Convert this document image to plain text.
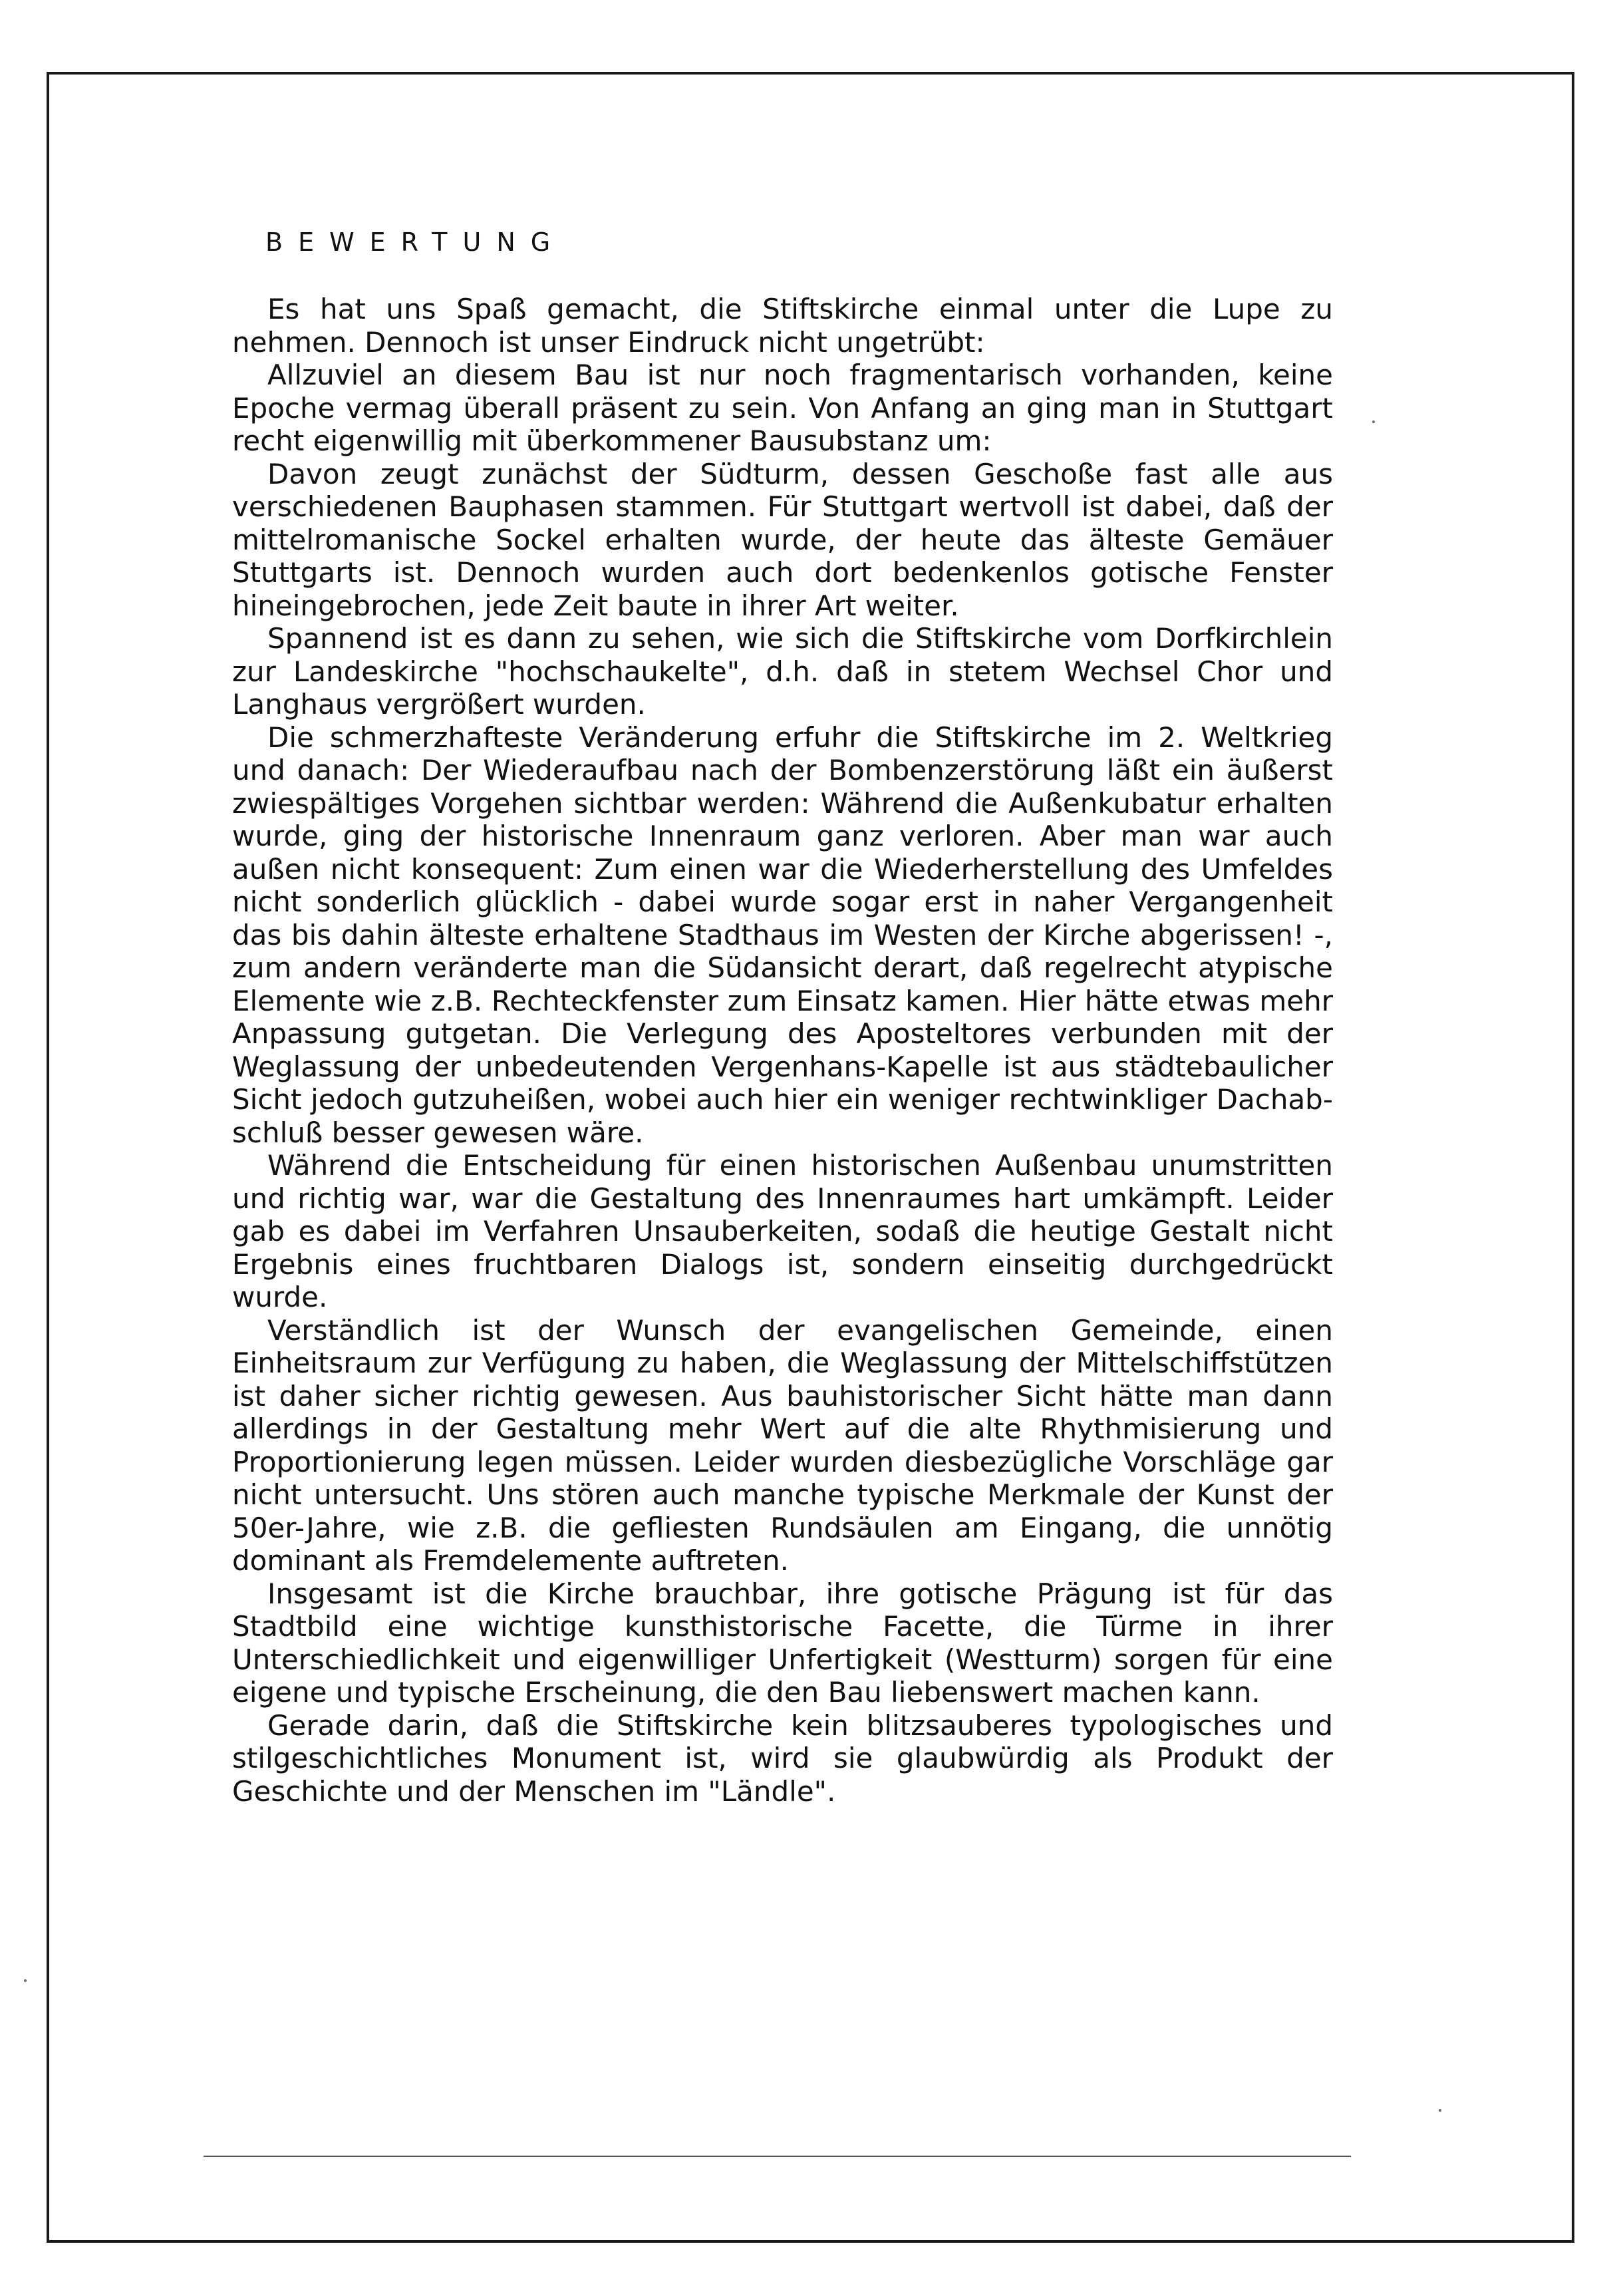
BEWERTUNG

Es hat uns Spaß gemacht, die Stiftskirche einmal unter die Lupe zu nehmen. Dennoch ist unser Eindruck nicht ungetrübt:

Allzuviel an diesem Bau ist nur noch fragmentarisch vorhanden, keine Epoche vermag überall präsent zu sein. Von Anfang an ging man in Stuttgart recht eigenwillig mit überkommener Bausubstanz um:

Davon zeugt zunächst der Südturm, dessen Geschoße fast alle aus verschiedenen Bauphasen stammen. Für Stuttgart wertvoll ist dabei, daß der mittelromanische Sockel erhalten wurde, der heute das älteste Gemäuer Stuttgarts ist. Dennoch wurden auch dort bedenkenlos gotische Fenster hineingebrochen, jede Zeit baute in ihrer Art weiter.

Spannend ist es dann zu sehen, wie sich die Stiftskirche vom Dorfkirchlein zur Landeskirche "hochschaukelte", d.h. daß in stetem Wechsel Chor und Langhaus vergrößert wurden.

Die schmerzhafteste Veränderung erfuhr die Stiftskirche im 2. Weltkrieg und danach: Der Wiederaufbau nach der Bombenzerstörung läßt ein äußerst zwiespältiges Vorgehen sichtbar werden: Während die Außenkubatur erhalten wurde, ging der historische Innenraum ganz verloren. Aber man war auch außen nicht konsequent: Zum einen war die Wiederherstellung des Umfeldes nicht sonderlich glücklich - dabei wurde sogar erst in naher Vergangenheit das bis dahin älteste erhaltene Stadthaus im Westen der Kirche abgerissen! -, zum andern veränderte man die Südansicht derart, daß regelrecht atypische Elemente wie z.B. Rechteckfenster zum Einsatz kamen. Hier hätte etwas mehr Anpassung gutgetan. Die Verlegung des Aposteltores verbunden mit der Weglassung der unbedeutenden Vergenhans-Kapelle ist aus städtebaulicher Sicht jedoch gutzuheißen, wobei auch hier ein weniger rechtwinkliger Dachabschluß besser gewesen wäre.

Während die Entscheidung für einen historischen Außenbau unumstritten und richtig war, war die Gestaltung des Innenraumes hart umkämpft. Leider gab es dabei im Verfahren Unsauberkeiten, sodaß die heutige Gestalt nicht Ergebnis eines fruchtbaren Dialogs ist, sondern einseitig durchgedrückt wurde.

Verständlich ist der Wunsch der evangelischen Gemeinde, einen Einheitsraum zur Verfügung zu haben, die Weglassung der Mittelschiffstützen ist daher sicher richtig gewesen. Aus bauhistorischer Sicht hätte man dann allerdings in der Gestaltung mehr Wert auf die alte Rhythmisierung und Proportionierung legen müssen. Leider wurden diesbezügliche Vorschläge gar nicht untersucht. Uns stören auch manche typische Merkmale der Kunst der 50er-Jahre, wie z.B. die gefliesten Rundsäulen am Eingang, die unnötig dominant als Fremdelemente auftreten.

Insgesamt ist die Kirche brauchbar, ihre gotische Prägung ist für das Stadtbild eine wichtige kunsthistorische Facette, die Türme in ihrer Unterschiedlichkeit und eigenwilliger Unfertigkeit (Westturm) sorgen für eine eigene und typische Erscheinung, die den Bau liebenswert machen kann.

Gerade darin, daß die Stiftskirche kein blitzsauberes typologisches und stilgeschichtliches Monument ist, wird sie glaubwürdig als Produkt der Geschichte und der Menschen im "Ländle".
